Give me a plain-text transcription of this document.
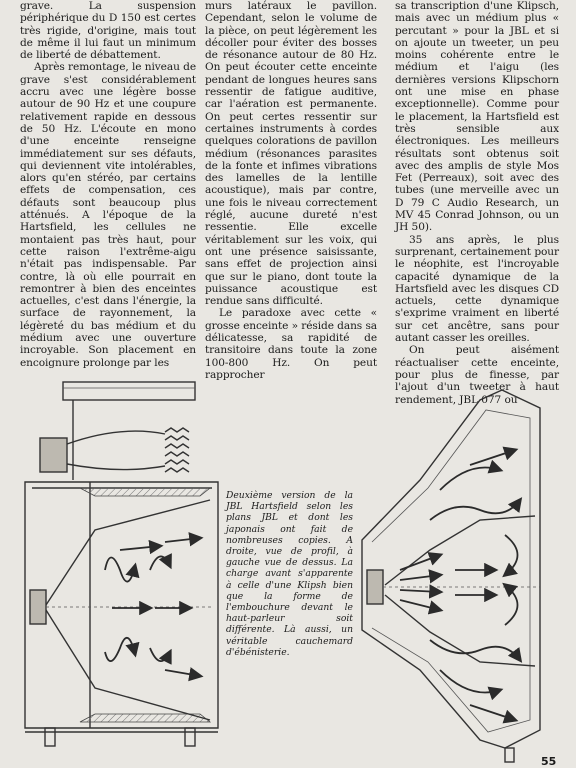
grave. La suspension périphérique du D 150 est certes très rigide, d'origine, mais tout de même il lui faut un minimum de liberté de débattement.

Après remontage, le niveau de grave s'est considérablement accru avec une légère bosse autour de 90 Hz et une coupure relativement rapide en dessous de 50 Hz. L'écoute en mono d'une enceinte renseigne immédiatement sur ses défauts, qui deviennent vite intolérables, alors qu'en stéréo, par certains effets de compensation, ces défauts sont beaucoup plus atténués. A l'époque de la Hartsfield, les cellules ne montaient pas très haut, pour cette raison l'extrême-aigu n'était pas indispensable. Par contre, là où elle pourrait en remontrer à bien des enceintes actuelles, c'est dans l'énergie, la surface de rayonnement, la légèreté du bas médium et du médium avec une ouverture incroyable. Son placement en encoignure prolonge par les

murs latéraux le pavillon. Cependant, selon le volume de la pièce, on peut légèrement les décoller pour éviter des bosses de résonance autour de 80 Hz. On peut écouter cette enceinte pendant de longues heures sans ressentir de fatigue auditive, car l'aération est permanente. On peut certes ressentir sur certaines instruments à cordes quelques colorations de pavillon médium (résonances parasites de la fonte et infimes vibrations des lamelles de la lentille acoustique), mais par contre, une fois le niveau correctement réglé, aucune dureté n'est ressentie. Elle excelle véritablement sur les voix, qui ont une présence saisissante, sans effet de projection ainsi que sur le piano, dont toute la puissance acoustique est rendue sans difficulté.

Le paradoxe avec cette « grosse enceinte » réside dans sa délicatesse, sa rapidité de transitoire dans toute la zone 100-800 Hz. On peut rapprocher

sa transcription d'une Klipsch, mais avec un médium plus « percutant » pour la JBL et si on ajoute un tweeter, un peu moins cohérente entre le médium et l'aigu (les dernières versions Klipschorn ont une mise en phase exceptionnelle). Comme pour le placement, la Hartsfield est très sensible aux électroniques. Les meilleurs résultats sont obtenus soit avec des amplis de style Mos Fet (Perreaux), soit avec des tubes (une merveille avec un D 79 C Audio Research, un MV 45 Conrad Johnson, ou un JH 50).

35 ans après, le plus surprenant, certainement pour le néophite, est l'incroyable capacité dynamique de la Hartsfield avec les disques CD actuels, cette dynamique s'exprime vraiment en liberté sur cet ancêtre, sans pour autant casser les oreilles.

On peut aisément réactualiser cette enceinte, pour plus de finesse, par l'ajout d'un tweeter à haut rendement, JBL 077 ou

Deuxième version de la JBL Hartsfield selon les plans JBL et dont les japonais ont fait de nombreuses copies. A droite, vue de profil, à gauche vue de dessus. La charge avant s'apparente à celle d'une Klipsh bien que la forme de l'embouchure devant le haut-parleur soit différente. Là aussi, un véritable cauchemard d'ébénisterie.
55
